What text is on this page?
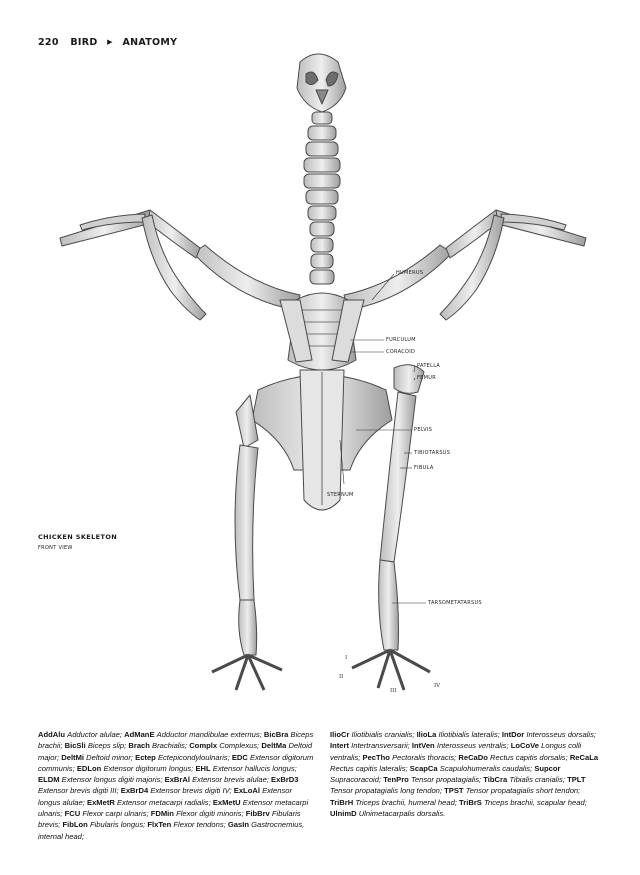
220 BIRD ▶ ANATOMY
HUMERUS
FURCULUM
CORACOID
PATELLA
FEMUR
PELVIS
TIBIOTARSUS
FIBULA
STERNUM
TARSOMETATARSUS
I
II
III
IV
CHICKEN SKELETON
FRONT VIEW
AddAlu Adductor alulae; AdManE Adductor mandibulae externus; BicBra Biceps brachii; BicSli Biceps slip; Brach Brachialis; Complx Complexus; DeltMa Deltoid major; DeltMi Deltoid minor; Ectep Ectepicondyloulnaris; EDC Extensor digitorum communis; EDLon Extensor digitorum longus; EHL Extensor hallucis longus; ELDM Extensor longus digiti majoris; ExBrAl Extensor brevis alulae; ExBrD3 Extensor brevis digiti III; ExBrD4 Extensor brevis digiti IV; ExLoAl Extensor longus alulae; ExMetR Extensor metacarpi radialis; ExMetU Extensor metacarpi ulnaris; FCU Flexor carpi ulnaris; FDMin Flexor digiti minoris; FibBrv Fibularis brevis; FibLon Fibularis longus; FlxTen Flexor tendons; GasIn Gastrocnemius, internal head;
IlioCr Iliotibialis cranialis; IlioLa Iliotibialis lateralis; IntDor Interosseus dorsalis; Intert Intertransversarii; IntVen Interosseus ventralis; LoCoVe Longus colli ventralis; PecTho Pectoralis thoracis; ReCaDo Rectus capitis dorsalis; ReCaLa Rectus capitis lateralis; ScapCa Scapulohumeralis caudalis; Supcor Supracoracoid; TenPro Tensor propatagialis; TibCra Tibialis cranialis; TPLT Tensor propatagialis long tendon; TPST Tensor propatagialis short tendon; TriBrH Triceps brachii, humeral head; TriBrS Triceps brachii, scapular head; UlnimD Ulnimetacarpalis dorsalis.
